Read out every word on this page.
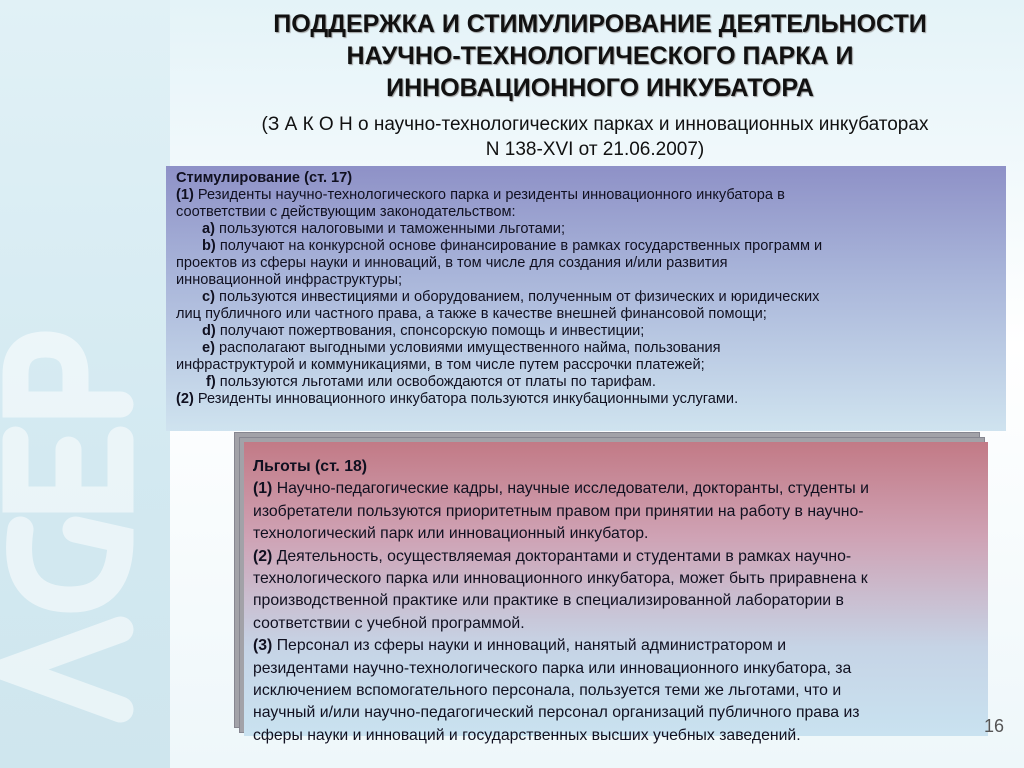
ПОДДЕРЖКА И СТИМУЛИРОВАНИЕ ДЕЯТЕЛЬНОСТИ
НАУЧНО-ТЕХНОЛОГИЧЕСКОГО ПАРКА И
ИННОВАЦИОННОГО ИНКУБАТОРА
(З А К О Н о научно-технологических парках и инновационных инкубаторах
N 138-XVI от 21.06.2007)
Стимулирование (ст. 17)
(1) Резиденты научно-технологического парка и резиденты инновационного инкубатора в
соответствии с действующим законодательством:
a) пользуются налоговыми и таможенными льготами;
b) получают на конкурсной основе финансирование в рамках государственных программ и
проектов из сферы науки и инноваций, в том числе для создания и/или развития
инновационной инфраструктуры;
c) пользуются инвестициями и оборудованием, полученным от физических и юридических
лиц публичного или частного права, а также в качестве внешней финансовой помощи;
d) получают пожертвования, спонсорскую помощь и инвестиции;
e) располагают выгодными условиями имущественного найма, пользования
инфраструктурой и коммуникациями, в том числе путем рассрочки платежей;
f) пользуются льготами или освобождаются от платы по тарифам.
(2) Резиденты инновационного инкубатора пользуются инкубационными услугами.
Льготы (ст. 18)
(1) Научно-педагогические кадры, научные исследователи, докторанты, студенты и
изобретатели пользуются приоритетным правом при принятии на работу в научно-
технологический парк или инновационный инкубатор.
(2) Деятельность, осуществляемая докторантами и студентами в рамках научно-
технологического парка или инновационного инкубатора, может быть приравнена к
производственной практике или практике в специализированной лаборатории в
соответствии с учебной программой.
(3) Персонал из сферы науки и инноваций, нанятый администратором и
резидентами научно-технологического парка или инновационного инкубатора, за
исключением вспомогательного персонала, пользуется теми же льготами, что и
научный и/или научно-педагогический персонал организаций публичного права из
сферы науки и инноваций и государственных высших учебных заведений.	16
